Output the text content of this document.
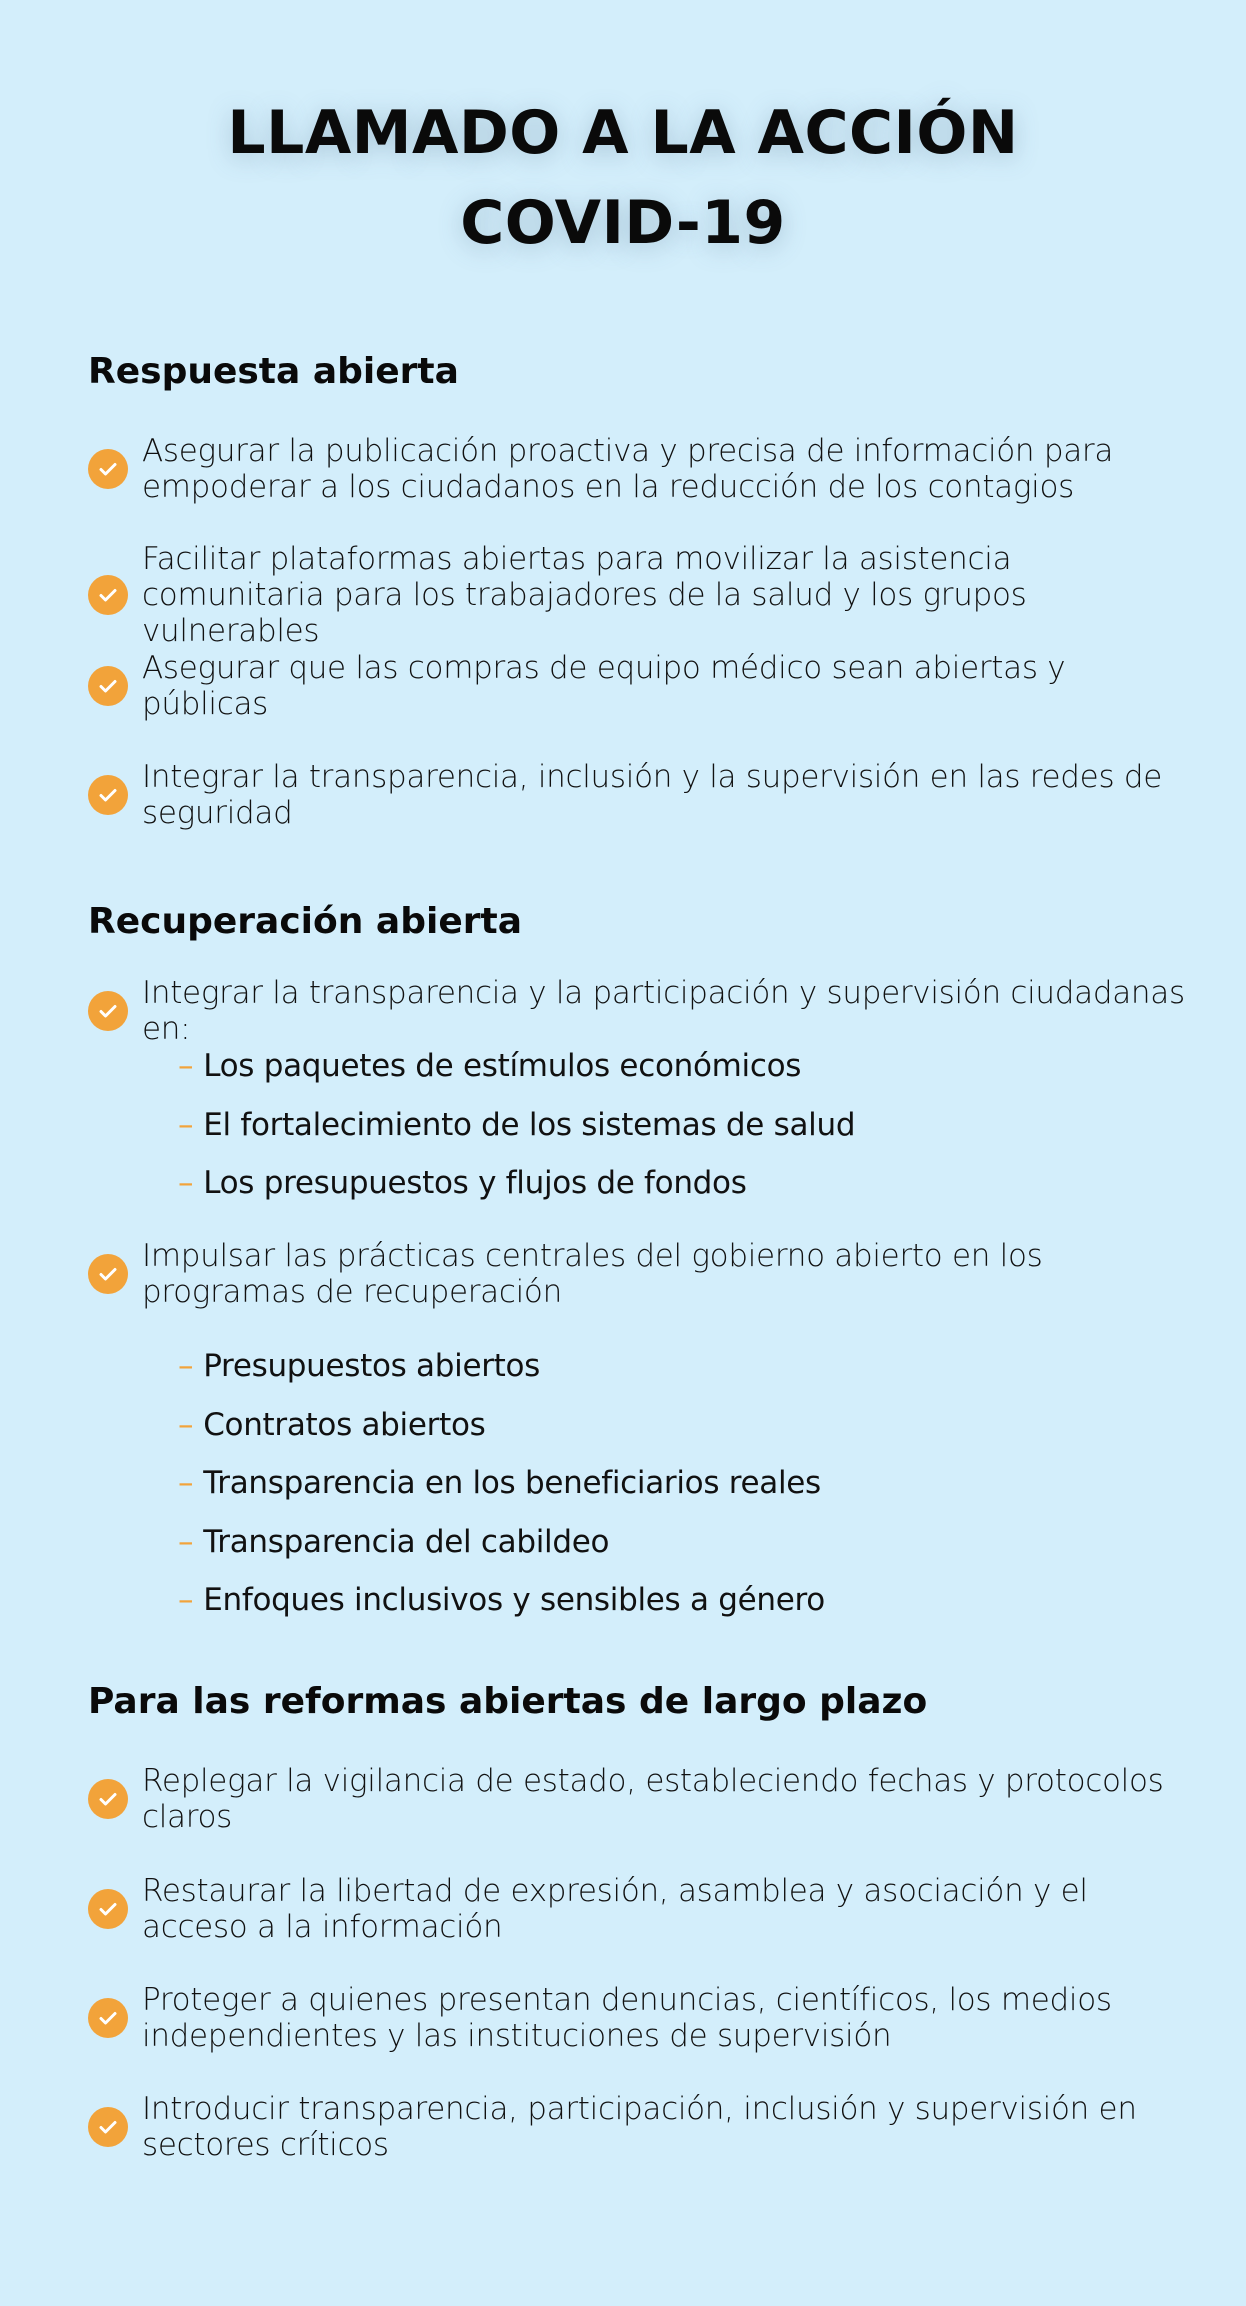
LLAMADO A LA ACCIÓN
COVID-19
Respuesta abierta
Asegurar la publicación proactiva y precisa de información para empoderar a los ciudadanos en la reducción de los contagios
Facilitar plataformas abiertas para movilizar la asistencia comunitaria para los trabajadores de la salud y los grupos vulnerables
Asegurar que las compras de equipo médico sean abiertas y públicas
Integrar la transparencia, inclusión y la supervisión en las redes de seguridad
Recuperación abierta
Integrar la transparencia y la participación y supervisión ciudadanas en:
– Los paquetes de estímulos económicos
– El fortalecimiento de los sistemas de salud
– Los presupuestos y flujos de fondos
Impulsar las prácticas centrales del gobierno abierto en los programas de recuperación
– Presupuestos abiertos
– Contratos abiertos
– Transparencia en los beneficiarios reales
– Transparencia del cabildeo
– Enfoques inclusivos y sensibles a género
Para las reformas abiertas de largo plazo
Replegar la vigilancia de estado, estableciendo fechas y protocolos claros
Restaurar la libertad de expresión, asamblea y asociación y el acceso a la información
Proteger a quienes presentan denuncias, científicos, los medios independientes y las instituciones de supervisión
Introducir transparencia, participación, inclusión y supervisión en sectores críticos
